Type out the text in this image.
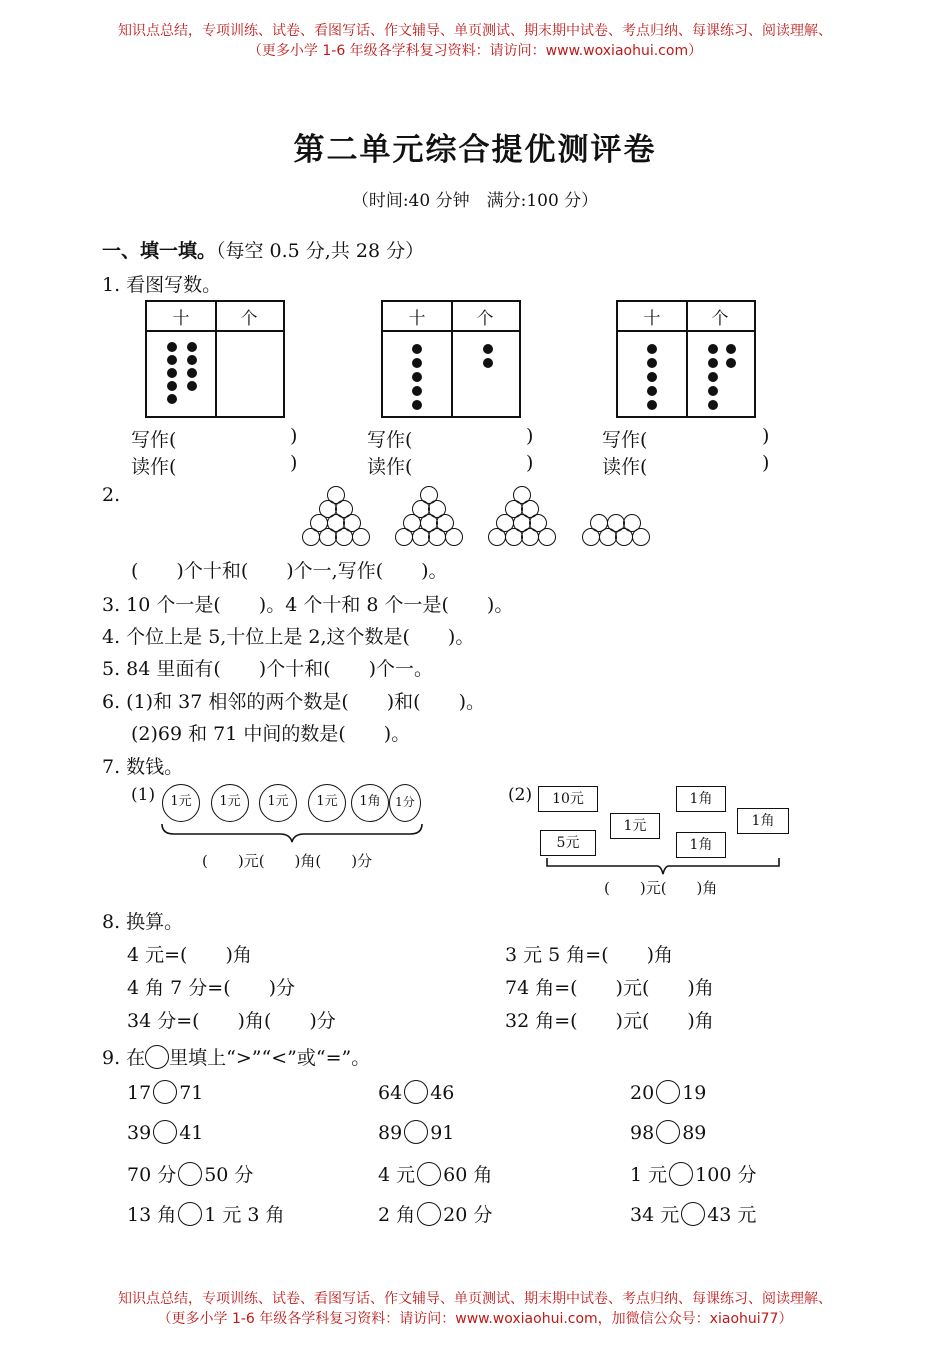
知识点总结，专项训练、试卷、看图写话、作文辅导、单页测试、期末期中试卷、考点归纳、每课练习、阅读理解、
（更多小学 1-6 年级各学科复习资料：请访问：www.woxiaohui.com）
第二单元综合提优测评卷
（时间:40 分钟　满分:100 分）
一、填一填。（每空 0.5 分,共 28 分）
1. 看图写数。
十	个	十	个	十	个
写作(	)
读作(	)
写作(	)
读作(	)
写作(	)
读作(	)
2.
(　　)个十和(　　)个一,写作(　　)。
3. 10 个一是(　　)。4 个十和 8 个一是(　　)。
4. 个位上是 5,十位上是 2,这个数是(　　)。
5. 84 里面有(　　)个十和(　　)个一。
6. (1)和 37 相邻的两个数是(　　)和(　　)。
(2)69 和 71 中间的数是(　　)。
7. 数钱。
(1)	1元	1元	1元	1元	1角	1分
(　　)元(　　)角(　　)分
(2)	10元
1元
1角
1角
5元	1角
(　　)元(　　)角
8. 换算。
4 元=(　　)角	3 元 5 角=(　　)角
4 角 7 分=(　　)分	74 角=(　　)元(　　)角
34 分=(　　)角(　　)分	32 角=(　　)元(　　)角
9. 在 里填上“>”“<”或“=”。
17 71	64 46	20 19
39 41	89 91	98 89
70 分 50 分	4 元 60 角	1 元 100 分
13 角 1 元 3 角	2 角 20 分	34 元 43 元
知识点总结，专项训练、试卷、看图写话、作文辅导、单页测试、期末期中试卷、考点归纳、每课练习、阅读理解、
（更多小学 1-6 年级各学科复习资料：请访问：www.woxiaohui.com，加微信公众号：xiaohui77）
